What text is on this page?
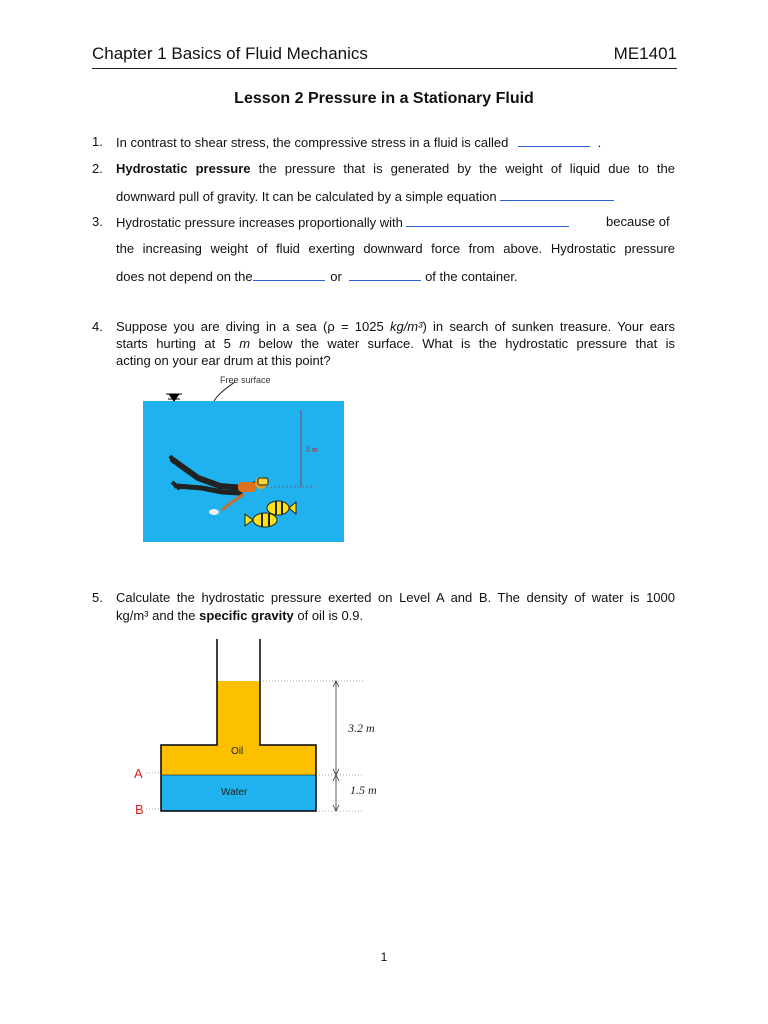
Chapter 1 Basics of Fluid Mechanics	ME1401
Lesson 2 Pressure in a Stationary Fluid
1. In contrast to shear stress, the compressive stress in a fluid is called	.
2. Hydrostatic pressure the pressure that is generated by the weight of liquid due to the
downward pull of gravity. It can be calculated by a simple equation
3. Hydrostatic pressure increases proportionally with	because of
the increasing weight of fluid exerting downward force from above. Hydrostatic pressure
does not depend on the	or	of the container.
4. Suppose you are diving in a sea (ρ = 1025 kg/m³) in search of sunken treasure. Your ears
starts hurting at 5 m below the water surface. What is the hydrostatic pressure that is
acting on your ear drum at this point?
Free surface
5 m
5. Calculate the hydrostatic pressure exerted on Level A and B. The density of water is 1000
kg/m³ and the specific gravity of oil is 0.9.
Oil
Water
3.2 m
1.5 m
A
B
1
